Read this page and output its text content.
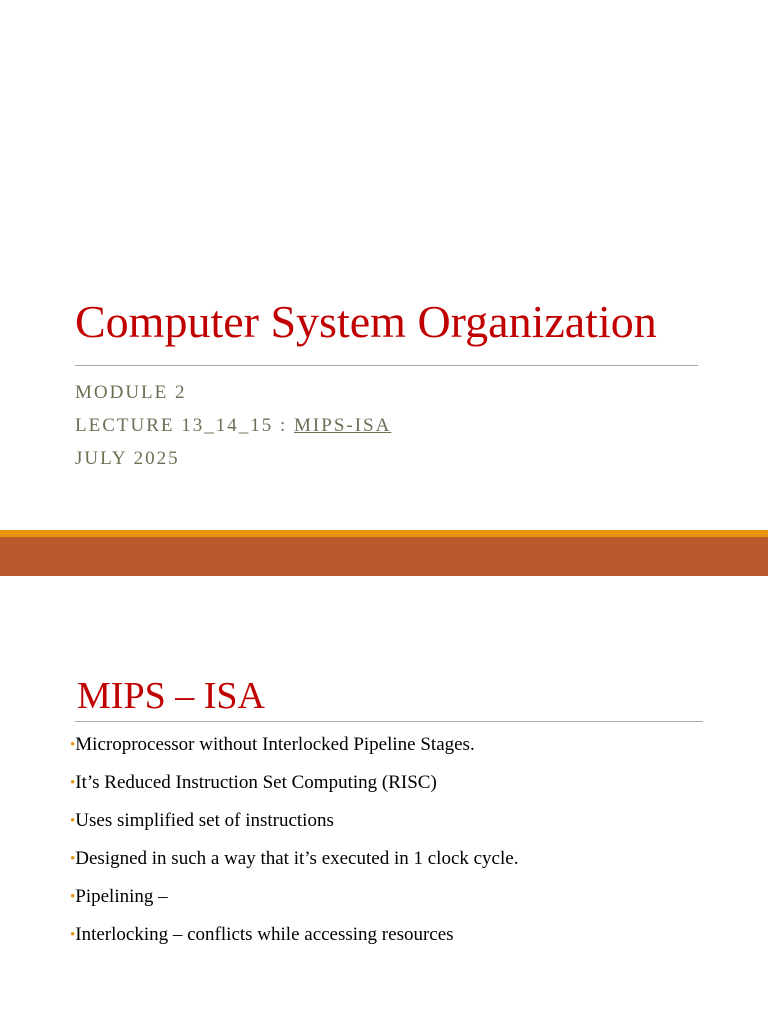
Computer System Organization
MODULE 2
LECTURE 13_14_15 : MIPS-ISA
JULY 2025
MIPS – ISA
•Microprocessor without Interlocked Pipeline Stages.
•It’s Reduced Instruction Set Computing (RISC)
•Uses simplified set of instructions
•Designed in such a way that it’s executed in 1 clock cycle.
•Pipelining –
•Interlocking – conflicts while accessing resources
